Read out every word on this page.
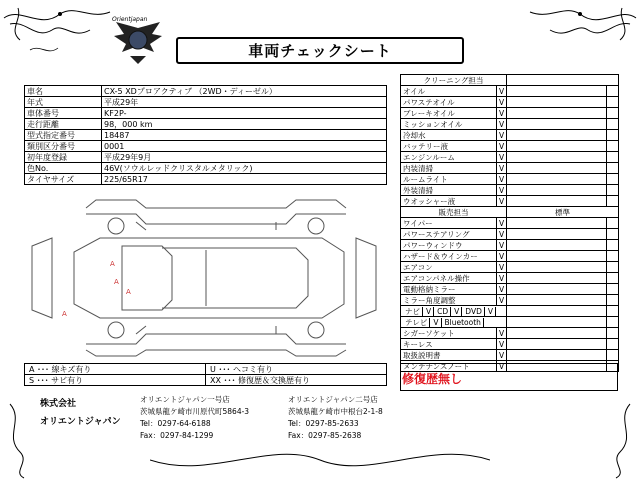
Orientjapan
車両チェックシート
車名	CX-5 XDプロアクティブ （2WD・ディーゼル）
年式	平成29年
車体番号	KF2P-
走行距離	98，000 km
型式指定番号	18487
類別区分番号	0001
初年度登録	平成29年9月
色No.	46V(ソウルレッドクリスタルメタリック)
タイヤサイズ	225/65R17
A
A
A
A
A ･･･ 線キズ有り	U ･･･ ヘコミ有り
S ･･･ サビ有り	XX ･･･ 修復歴＆交換歴有り
クリーニング担当			
オイル	V		
パワステオイル	V		
ブレーキオイル	V		
ミッションオイル	V		
冷却水	V		
バッテリー液	V		
エンジンルーム	V		
内装清掃	V		
ルームライト	V		
外装清掃	V		
ウオッシャー液	V		
販売担当		標準	
ワイパー	V		
パワーステアリング	V		
パワーウィンドウ	V		
ハザード＆ウインカー	V		
エアコン	V		
エアコンパネル操作	V		
電動格納ミラー	V		
ミラー角度調整	V		
ナビ V CD V DVD V			
テレビ V Bluetooth			
シガーソケット	V		
キーレス	V		
取扱説明書	V		
メンテナンスノート	V		
修復歴無し
株式会社
オリエントジャパン
オリエントジャパン一号店
茨城県龍ケ崎市川原代町5864-3
Tel：0297-64-6188
Fax：0297-84-1299
オリエントジャパン二号店
茨城県龍ケ崎市中根台2-1-8
Tel：0297-85-2633
Fax：0297-85-2638
